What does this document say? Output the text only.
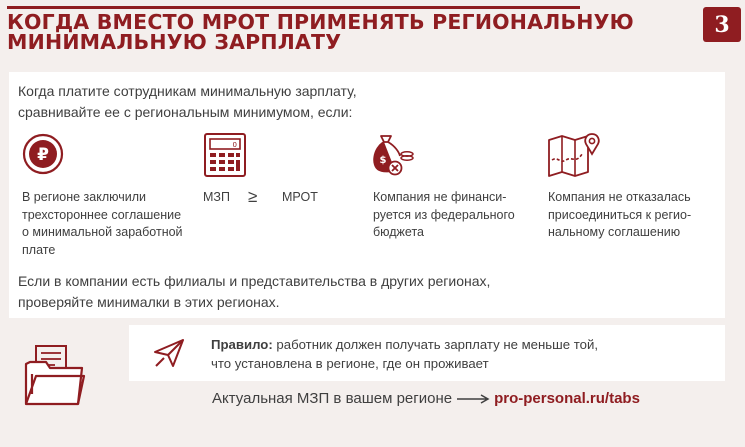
КОГДА ВМЕСТО МРОТ ПРИМЕНЯТЬ РЕГИОНАЛЬНУЮ
МИНИМАЛЬНУЮ ЗАРПЛАТУ
3
Когда платите сотрудникам минимальную зарплату,
сравнивайте ее с региональным минимумом, если:
₽
В регионе заключили
трехстороннее соглашение
о минимальной заработной
плате
0
МЗП ≥ МРОТ
$
Компания не финанси-
руется из федерального
бюджета
Компания не отказалась
присоединиться к регио-
нальному соглашению
Если в компании есть филиалы и представительства в других регионах,
проверяйте минималки в этих регионах.
Правило: работник должен получать зарплату не меньше той,
что установлена в регионе, где он проживает
Актуальная МЗП в вашем регионе	pro-personal.ru/tabs
